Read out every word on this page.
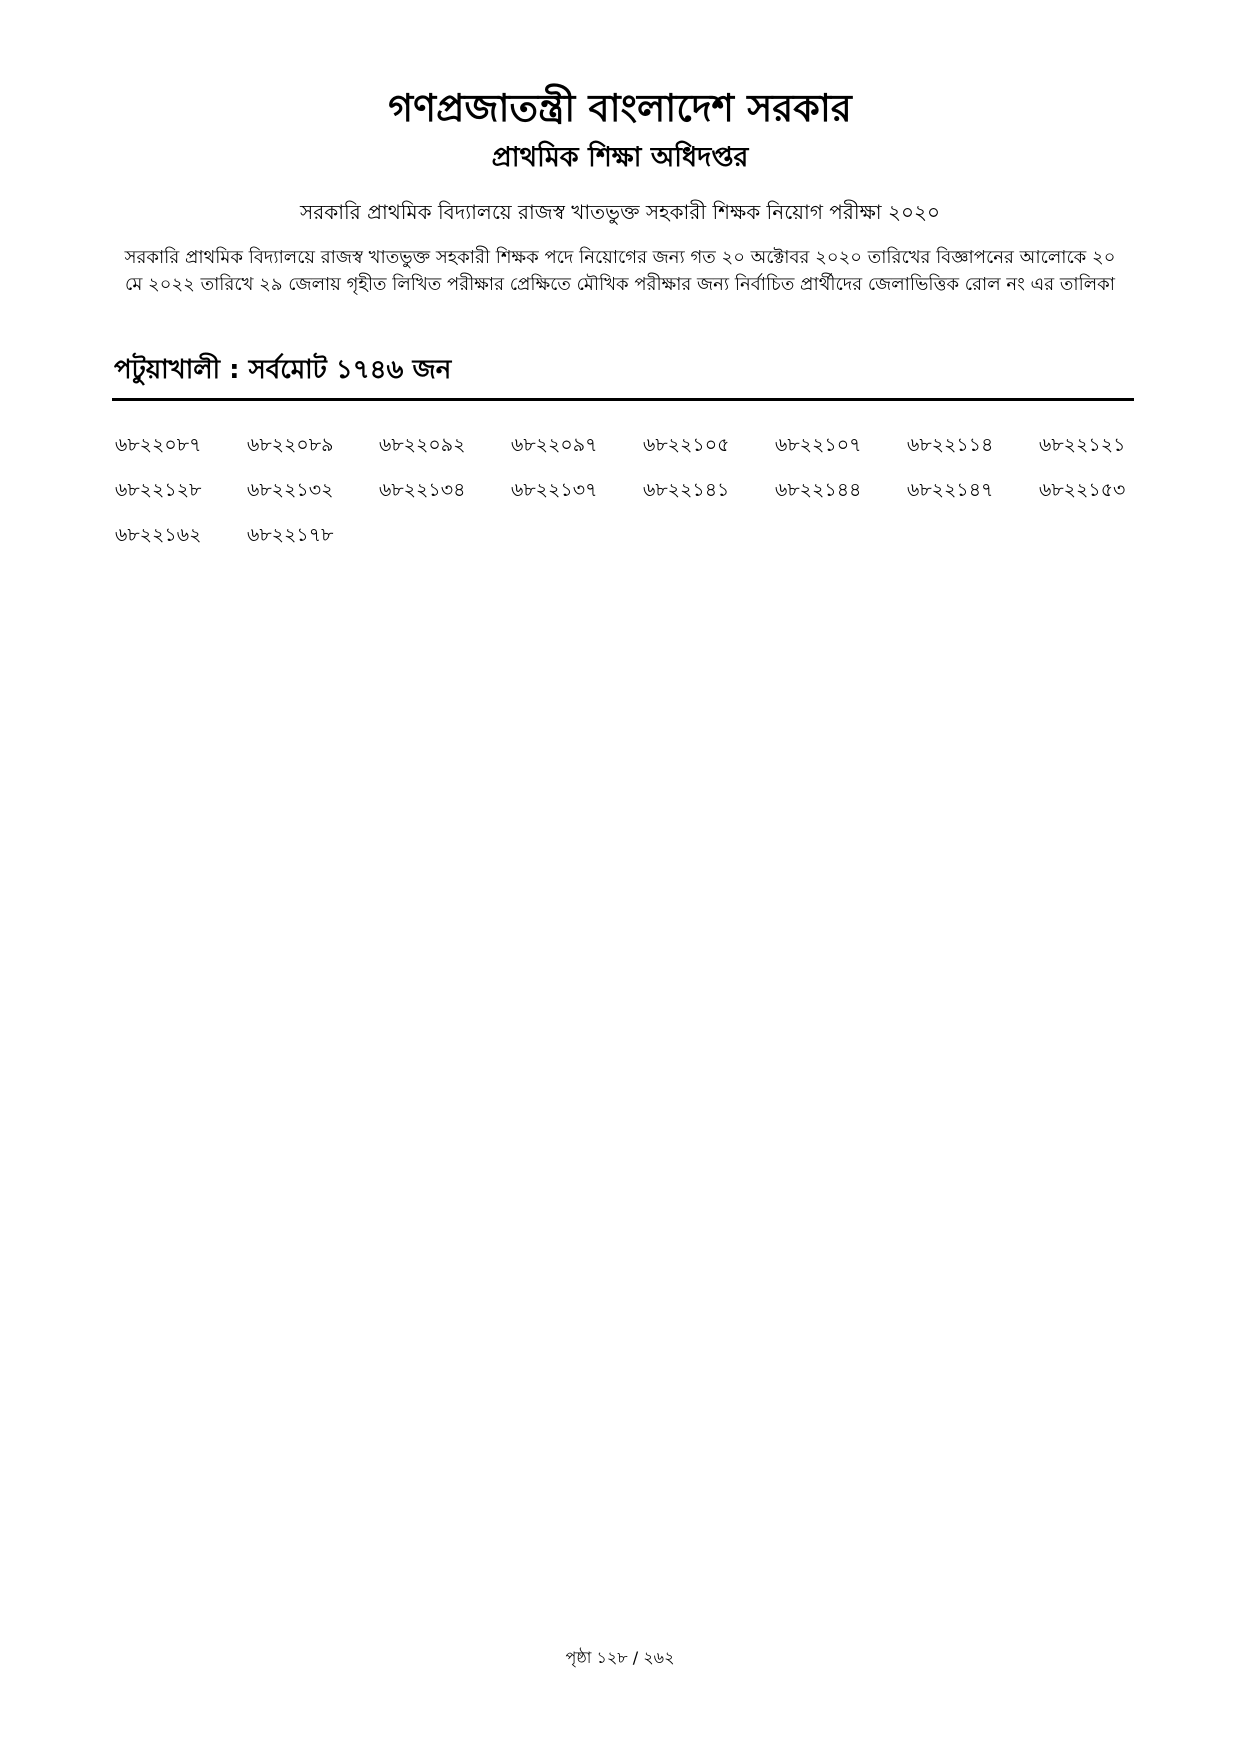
গণপ্রজাতন্ত্রী বাংলাদেশ সরকার
প্রাথমিক শিক্ষা অধিদপ্তর
সরকারি প্রাথমিক বিদ্যালয়ে রাজস্ব খাতভুক্ত সহকারী শিক্ষক নিয়োগ পরীক্ষা ২০২০
সরকারি প্রাথমিক বিদ্যালয়ে রাজস্ব খাতভুক্ত সহকারী শিক্ষক পদে নিয়োগের জন্য গত ২০ অক্টোবর ২০২০ তারিখের বিজ্ঞাপনের আলোকে ২০ মে ২০২২ তারিখে ২৯ জেলায় গৃহীত লিখিত পরীক্ষার প্রেক্ষিতে মৌখিক পরীক্ষার জন্য নির্বাচিত প্রার্থীদের জেলাভিত্তিক রোল নং এর তালিকা
পটুয়াখালী : সর্বমোট ১৭৪৬ জন
৬৮২২০৮৭	৬৮২২০৮৯	৬৮২২০৯২	৬৮২২০৯৭	৬৮২২১০৫	৬৮২২১০৭	৬৮২২১১৪	৬৮২২১২১
৬৮২২১২৮	৬৮২২১৩২	৬৮২২১৩৪	৬৮২২১৩৭	৬৮২২১৪১	৬৮২২১৪৪	৬৮২২১৪৭	৬৮২২১৫৩
৬৮২২১৬২	৬৮২২১৭৮
পৃষ্ঠা ১২৮ / ২৬২
